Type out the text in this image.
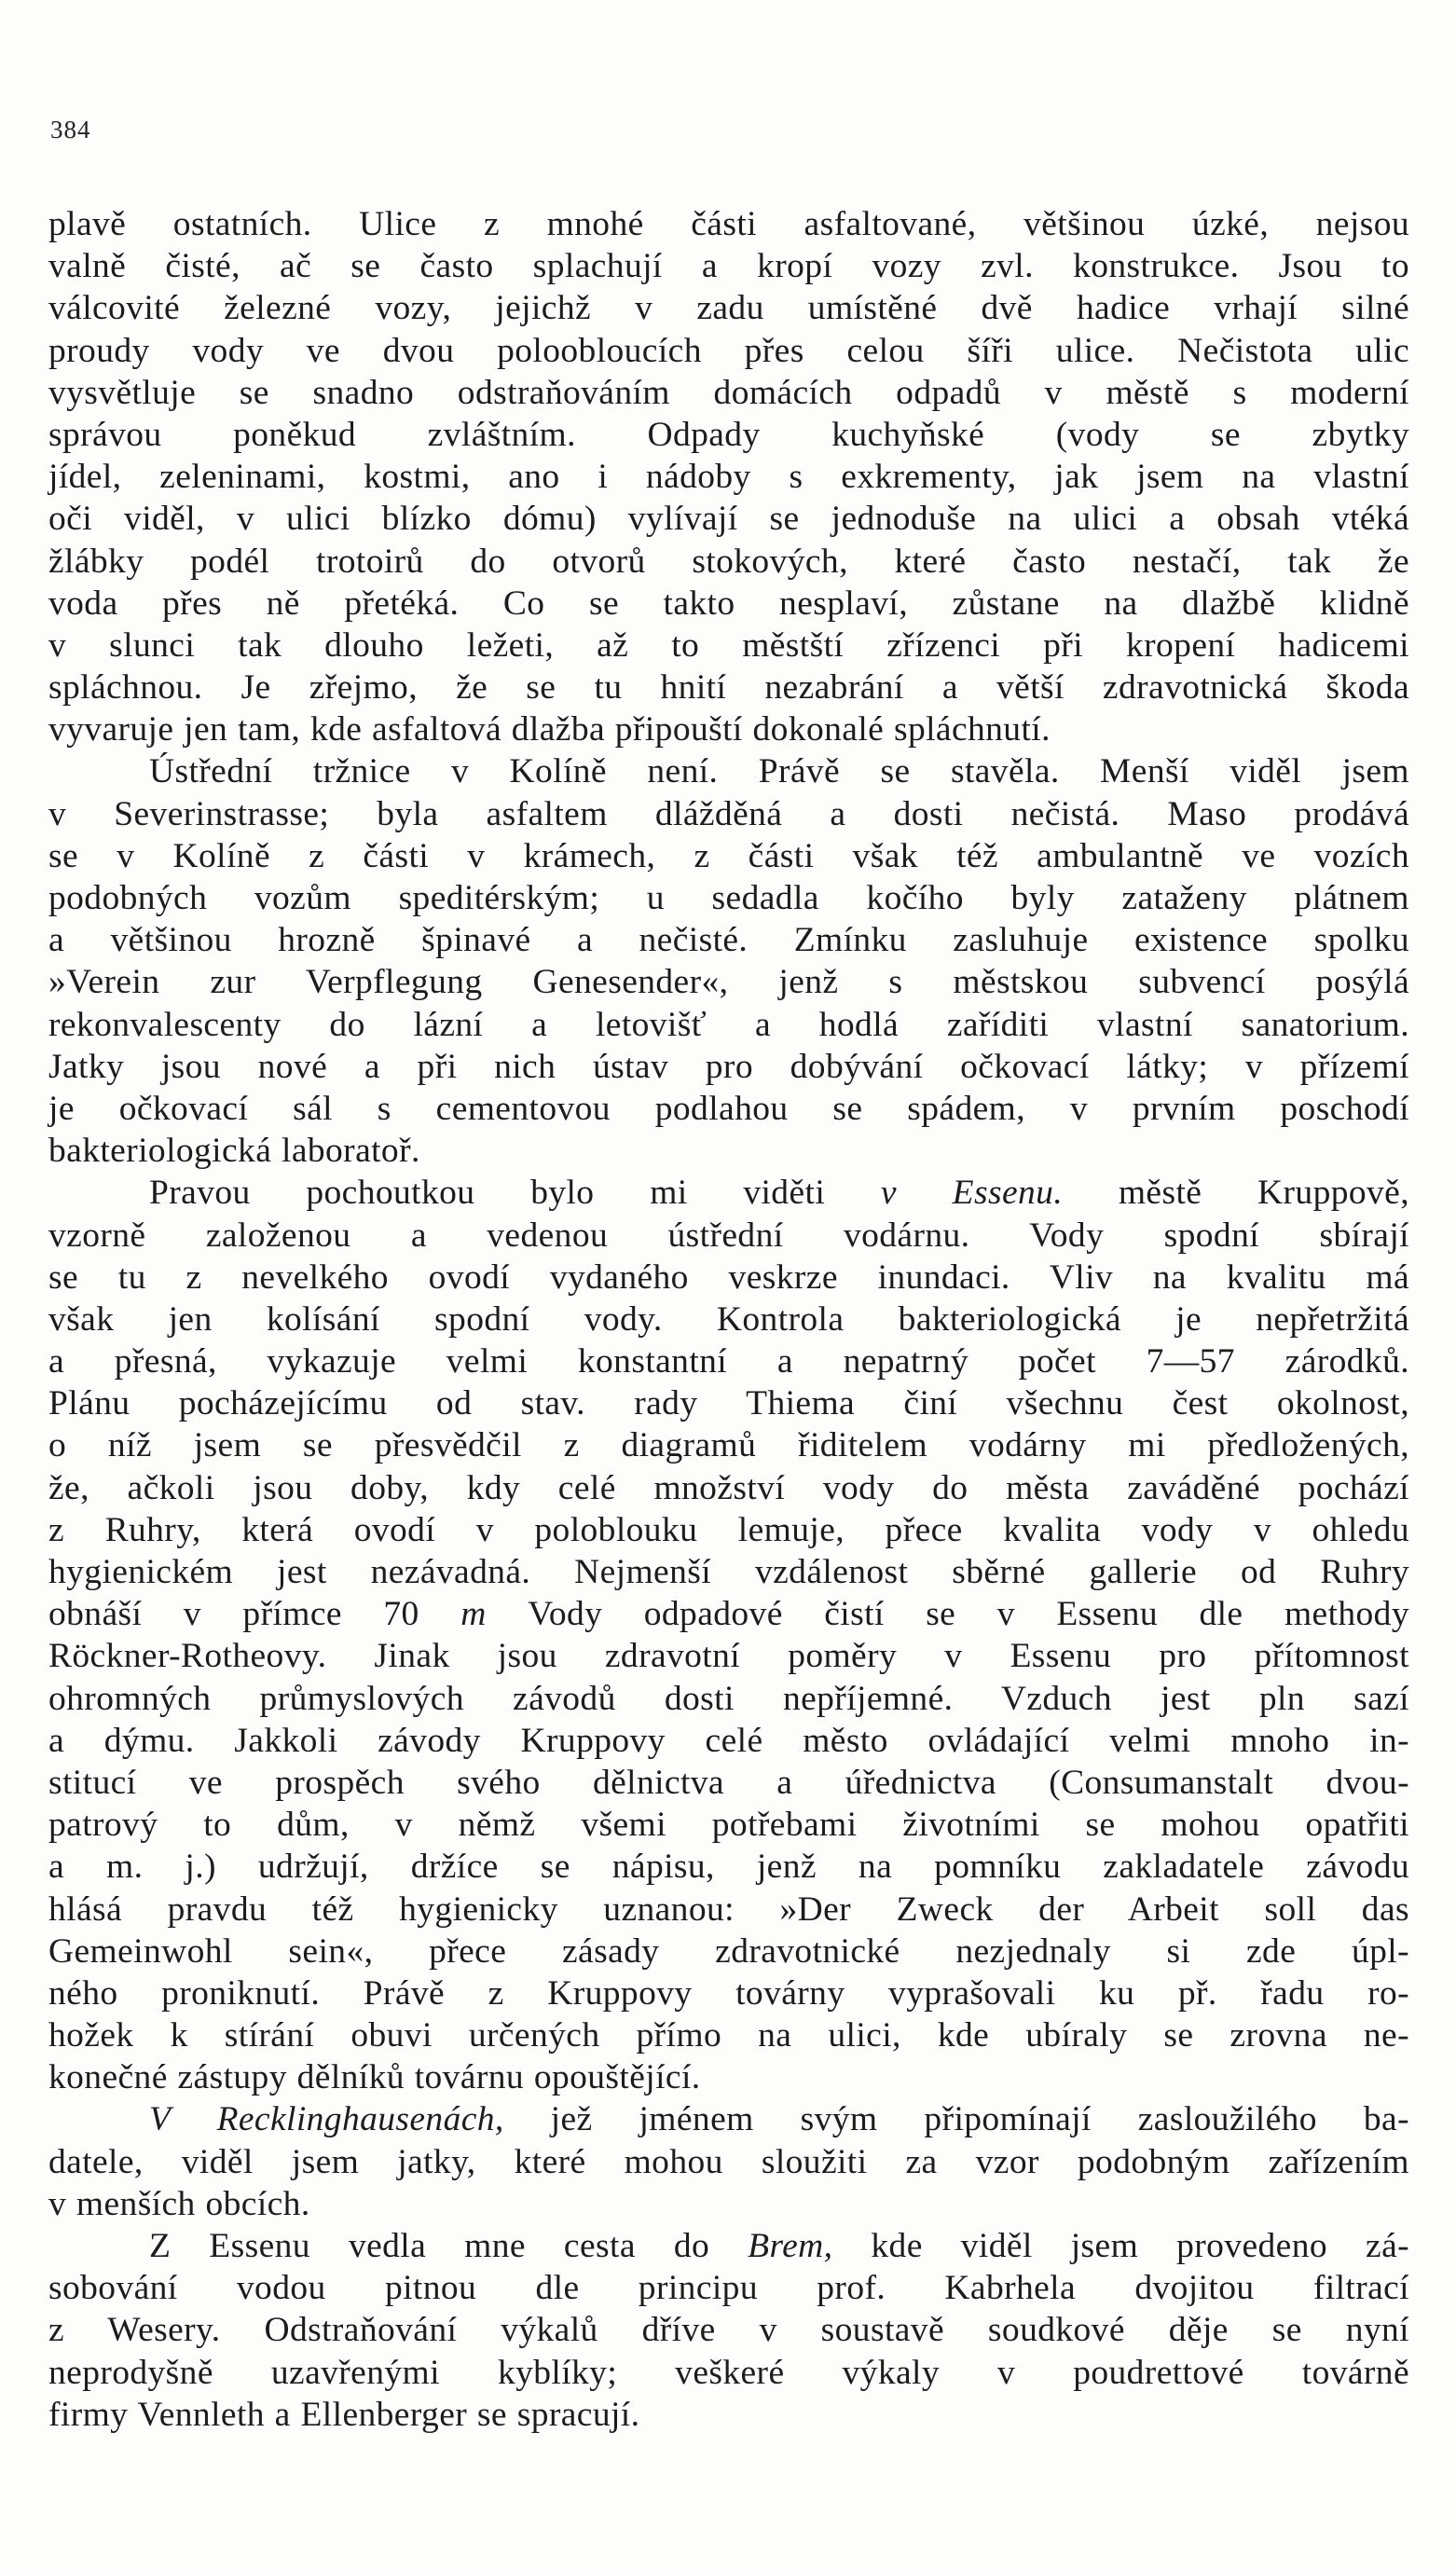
384
plavě ostatních. Ulice z mnohé části asfaltované, většinou úzké, nejsou
valně čisté, ač se často splachují a kropí vozy zvl. konstrukce. Jsou to
válcovité železné vozy, jejichž v zadu umístěné dvě hadice vrhají silné
proudy vody ve dvou poloobloucích přes celou šíři ulice. Nečistota ulic
vysvětluje se snadno odstraňováním domácích odpadů v městě s moderní
správou poněkud zvláštním. Odpady kuchyňské (vody se zbytky
jídel, zeleninami, kostmi, ano i nádoby s exkrementy, jak jsem na vlastní
oči viděl, v ulici blízko dómu) vylívají se jednoduše na ulici a obsah vtéká
žlábky podél trotoirů do otvorů stokových, které často nestačí, tak že
voda přes ně přetéká. Co se takto nesplaví, zůstane na dlažbě klidně
v slunci tak dlouho ležeti, až to městští zřízenci při kropení hadicemi
spláchnou. Je zřejmo, že se tu hnití nezabrání a větší zdravotnická škoda
vyvaruje jen tam, kde asfaltová dlažba připouští dokonalé spláchnutí.
Ústřední tržnice v Kolíně není. Právě se stavěla. Menší viděl jsem
v Severinstrasse; byla asfaltem dlážděná a dosti nečistá. Maso prodává
se v Kolíně z části v krámech, z části však též ambulantně ve vozích
podobných vozům speditérským; u sedadla kočího byly zataženy plátnem
a většinou hrozně špinavé a nečisté. Zmínku zasluhuje existence spolku
»Verein zur Verpflegung Genesender«, jenž s městskou subvencí posýlá
rekonvalescenty do lázní a letovišť a hodlá zaříditi vlastní sanatorium.
Jatky jsou nové a při nich ústav pro dobývání očkovací látky; v přízemí
je očkovací sál s cementovou podlahou se spádem, v prvním poschodí
bakteriologická laboratoř.
Pravou pochoutkou bylo mi viděti v Essenu. městě Kruppově,
vzorně založenou a vedenou ústřední vodárnu. Vody spodní sbírají
se tu z nevelkého ovodí vydaného veskrze inundaci. Vliv na kvalitu má
však jen kolísání spodní vody. Kontrola bakteriologická je nepřetržitá
a přesná, vykazuje velmi konstantní a nepatrný počet 7—57 zárodků.
Plánu pocházejícímu od stav. rady Thiema činí všechnu čest okolnost,
o níž jsem se přesvědčil z diagramů řiditelem vodárny mi předložených,
že, ačkoli jsou doby, kdy celé množství vody do města zaváděné pochází
z Ruhry, která ovodí v poloblouku lemuje, přece kvalita vody v ohledu
hygienickém jest nezávadná. Nejmenší vzdálenost sběrné gallerie od Ruhry
obnáší v přímce 70 m Vody odpadové čistí se v Essenu dle methody
Röckner-Rotheovy. Jinak jsou zdravotní poměry v Essenu pro přítomnost
ohromných průmyslových závodů dosti nepříjemné. Vzduch jest pln sazí
a dýmu. Jakkoli závody Kruppovy celé město ovládající velmi mnoho in-
stitucí ve prospěch svého dělnictva a úřednictva (Consumanstalt dvou-
patrový to dům, v němž všemi potřebami životními se mohou opatřiti
a m. j.) udržují, držíce se nápisu, jenž na pomníku zakladatele závodu
hlásá pravdu též hygienicky uznanou: »Der Zweck der Arbeit soll das
Gemeinwohl sein«, přece zásady zdravotnické nezjednaly si zde úpl-
ného proniknutí. Právě z Kruppovy továrny vyprašovali ku př. řadu ro-
hožek k stírání obuvi určených přímo na ulici, kde ubíraly se zrovna ne-
konečné zástupy dělníků továrnu opouštějící.
V Recklinghausenách, jež jménem svým připomínají zasloužilého ba-
datele, viděl jsem jatky, které mohou sloužiti za vzor podobným zařízením
v menších obcích.
Z Essenu vedla mne cesta do Brem, kde viděl jsem provedeno zá-
sobování vodou pitnou dle principu prof. Kabrhela dvojitou filtrací
z Wesery. Odstraňování výkalů dříve v soustavě soudkové děje se nyní
neprodyšně uzavřenými kyblíky; veškeré výkaly v poudrettové továrně
firmy Vennleth a Ellenberger se spracují.
